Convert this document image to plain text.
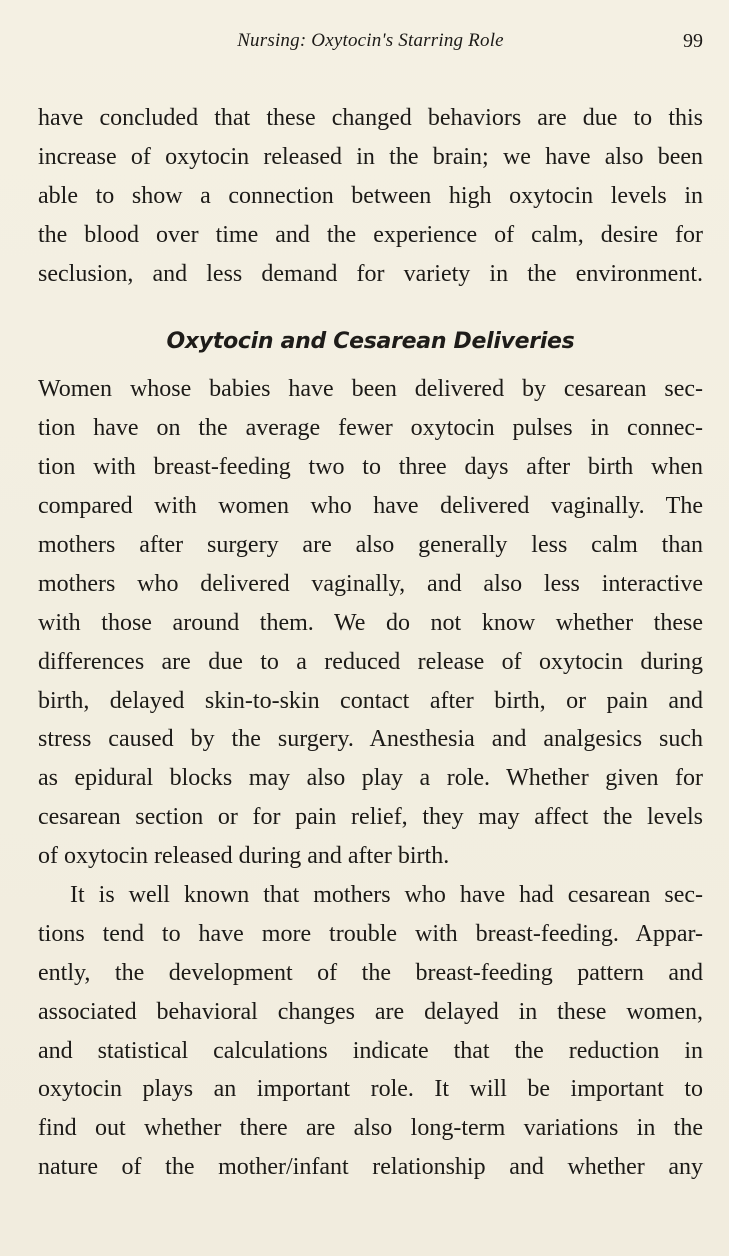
Nursing: Oxytocin's Starring Role	99
have concluded that these changed behaviors are due to this
increase of oxytocin released in the brain; we have also been
able to show a connection between high oxytocin levels in
the blood over time and the experience of calm, desire for
seclusion, and less demand for variety in the environment.
Oxytocin and Cesarean Deliveries
Women whose babies have been delivered by cesarean sec-
tion have on the average fewer oxytocin pulses in connec-
tion with breast-feeding two to three days after birth when
compared with women who have delivered vaginally. The
mothers after surgery are also generally less calm than
mothers who delivered vaginally, and also less interactive
with those around them. We do not know whether these
differences are due to a reduced release of oxytocin during
birth, delayed skin-to-skin contact after birth, or pain and
stress caused by the surgery. Anesthesia and analgesics such
as epidural blocks may also play a role. Whether given for
cesarean section or for pain relief, they may affect the levels
of oxytocin released during and after birth.
It is well known that mothers who have had cesarean sec-
tions tend to have more trouble with breast-feeding. Appar-
ently, the development of the breast-feeding pattern and
associated behavioral changes are delayed in these women,
and statistical calculations indicate that the reduction in
oxytocin plays an important role. It will be important to
find out whether there are also long-term variations in the
nature of the mother/infant relationship and whether any
